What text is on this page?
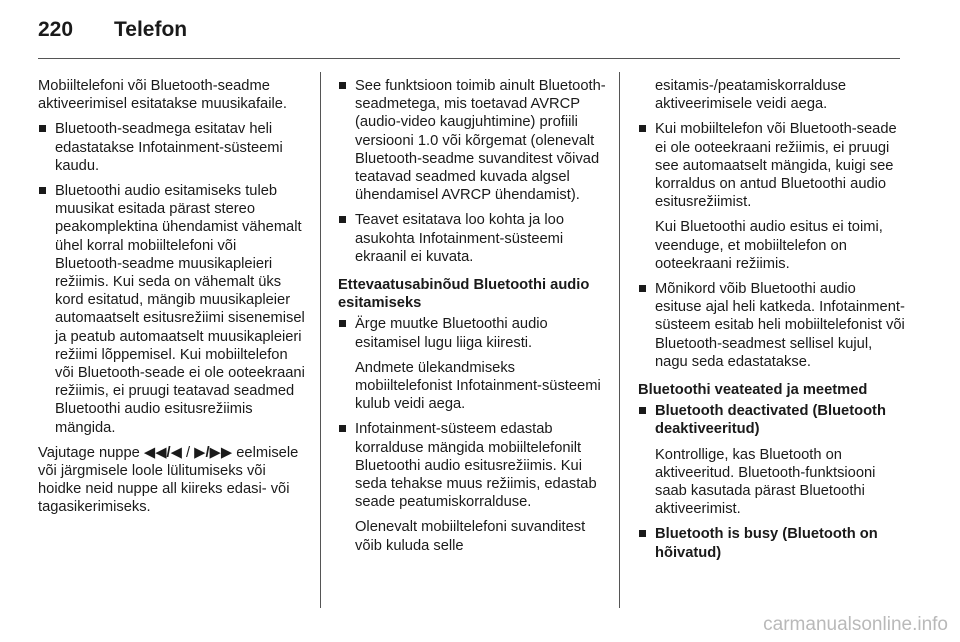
220 Telefon

Mobiiltelefoni või Bluetooth-seadme aktiveerimisel esitatakse muusikafaile.

Bluetooth-seadmega esitatav heli edastatakse Infotainment-süsteemi kaudu.
Bluetoothi audio esitamiseks tuleb muusikat esitada pärast stereo peakomplektina ühendamist vähemalt ühel korral mobiiltelefoni või Bluetooth-seadme muusikapleieri režiimis. Kui seda on vähemalt üks kord esitatud, mängib muusikapleier automaatselt esitusrežiimi sisenemisel ja peatub automaatselt muusikapleieri režiimi lõppemisel. Kui mobiiltelefon või Bluetooth-seade ei ole ooteekraani režiimis, ei pruugi teatavad seadmed Bluetoothi audio esitusrežiimis mängida.

Vajutage nuppe ◀◀/◀ / ▶/▶▶ eelmisele või järgmisele loole lülitumiseks või hoidke neid nuppe all kiireks edasi- või tagasikerimiseks.

See funktsioon toimib ainult Bluetooth-seadmetega, mis toetavad AVRCP (audio-video kaugjuhtimine) profiili versiooni 1.0 või kõrgemat (olenevalt Bluetooth-seadme suvanditest võivad teatavad seadmed kuvada algsel ühendamisel AVRCP ühendamist).
Teavet esitatava loo kohta ja loo asukohta Infotainment-süsteemi ekraanil ei kuvata.
Ettevaatusabinõud Bluetoothi audio esitamiseks
Ärge muutke Bluetoothi audio esitamisel lugu liiga kiiresti.

Andmete ülekandmiseks mobiiltelefonist Infotainment-süsteemi kulub veidi aega.

Infotainment-süsteem edastab korralduse mängida mobiiltelefonilt Bluetoothi audio esitusrežiimis. Kui seda tehakse muus režiimis, edastab seade peatumiskorralduse.

Olenevalt mobiiltelefoni suvanditest võib kuluda selle

esitamis-/peatamiskorralduse aktiveerimisele veidi aega.

Kui mobiiltelefon või Bluetooth-seade ei ole ooteekraani režiimis, ei pruugi see automaatselt mängida, kuigi see korraldus on antud Bluetoothi audio esitusrežiimist.

Kui Bluetoothi audio esitus ei toimi, veenduge, et mobiiltelefon on ooteekraani režiimis.

Mõnikord võib Bluetoothi audio esituse ajal heli katkeda. Infotainment-süsteem esitab heli mobiiltelefonist või Bluetooth-seadmest sellisel kujul, nagu seda edastatakse.
Bluetoothi veateated ja meetmed
Bluetooth deactivated (Bluetooth deaktiveeritud)

Kontrollige, kas Bluetooth on aktiveeritud. Bluetooth-funktsiooni saab kasutada pärast Bluetoothi aktiveerimist.

Bluetooth is busy (Bluetooth on hõivatud)
carmanualsonline.info
